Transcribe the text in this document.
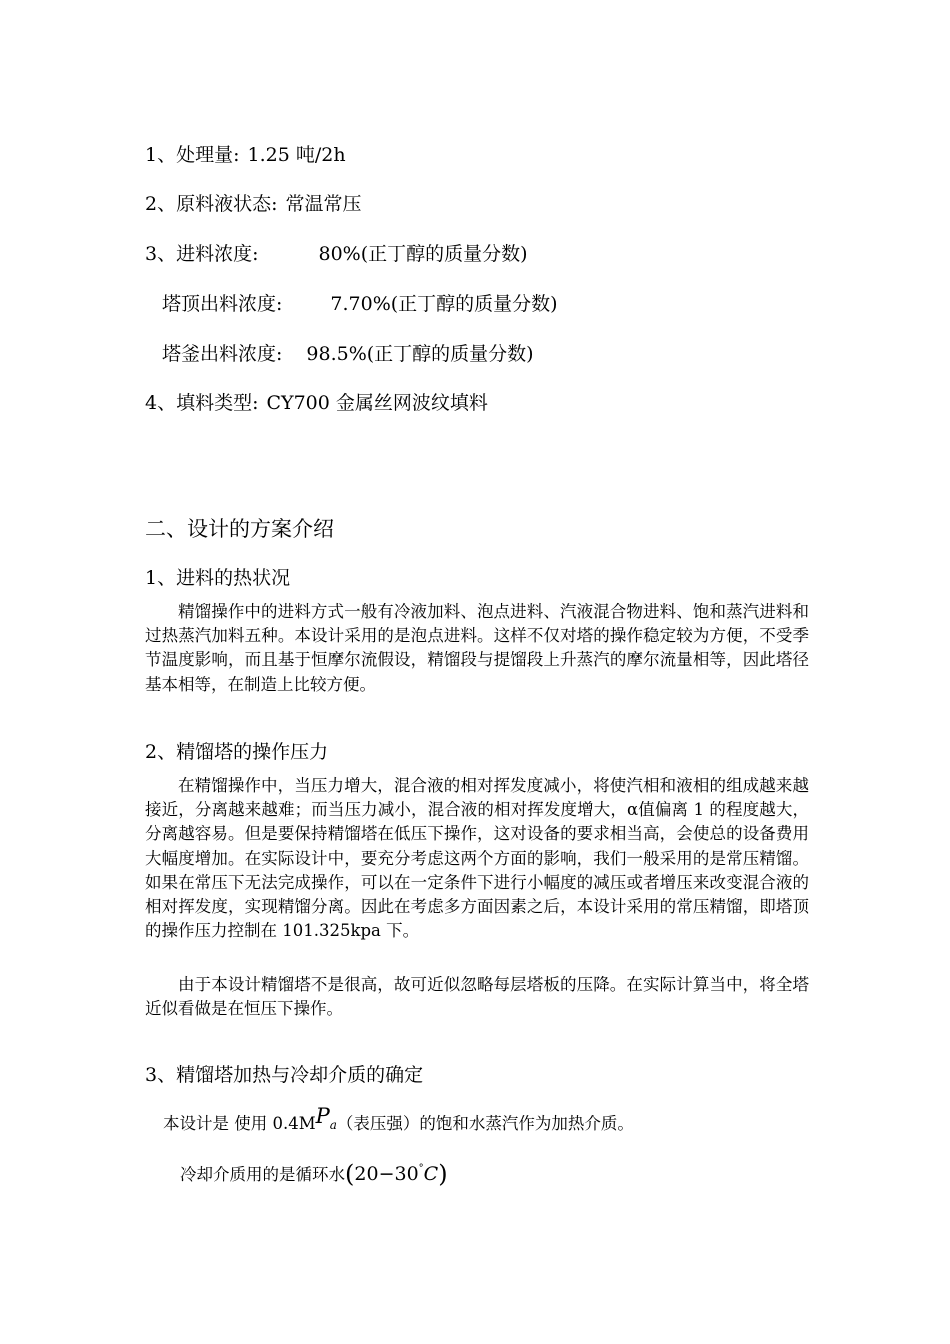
1、处理量: 1.25 吨/2h
2、原料液状态: 常温常压
3、进料浓度:	80%(正丁醇的质量分数)
塔顶出料浓度:	7.70%(正丁醇的质量分数)
塔釜出料浓度: 98.5%(正丁醇的质量分数)
4、填料类型: CY700 金属丝网波纹填料
二、设计的方案介绍
1、进料的热状况

精馏操作中的进料方式一般有冷液加料、泡点进料、汽液混合物进料、饱和蒸汽进料和过热蒸汽加料五种。本设计采用的是泡点进料。这样不仅对塔的操作稳定较为方便，不受季节温度影响，而且基于恒摩尔流假设，精馏段与提馏段上升蒸汽的摩尔流量相等，因此塔径基本相等，在制造上比较方便。

2、精馏塔的操作压力

在精馏操作中，当压力增大，混合液的相对挥发度减小，将使汽相和液相的组成越来越接近，分离越来越难；而当压力减小，混合液的相对挥发度增大，α值偏离 1 的程度越大，分离越容易。但是要保持精馏塔在低压下操作，这对设备的要求相当高，会使总的设备费用大幅度增加。在实际设计中，要充分考虑这两个方面的影响，我们一般采用的是常压精馏。如果在常压下无法完成操作，可以在一定条件下进行小幅度的减压或者增压来改变混合液的相对挥发度，实现精馏分离。因此在考虑多方面因素之后，本设计采用的常压精馏，即塔顶的操作压力控制在 101.325kpa 下。

由于本设计精馏塔不是很高，故可近似忽略每层塔板的压降。在实际计算当中，将全塔近似看做是在恒压下操作。

3、精馏塔加热与冷却介质的确定
本设计是 使用 0.4MPa（表压强）的饱和水蒸汽作为加热介质。
冷却介质用的是循环水(20−30°C)
